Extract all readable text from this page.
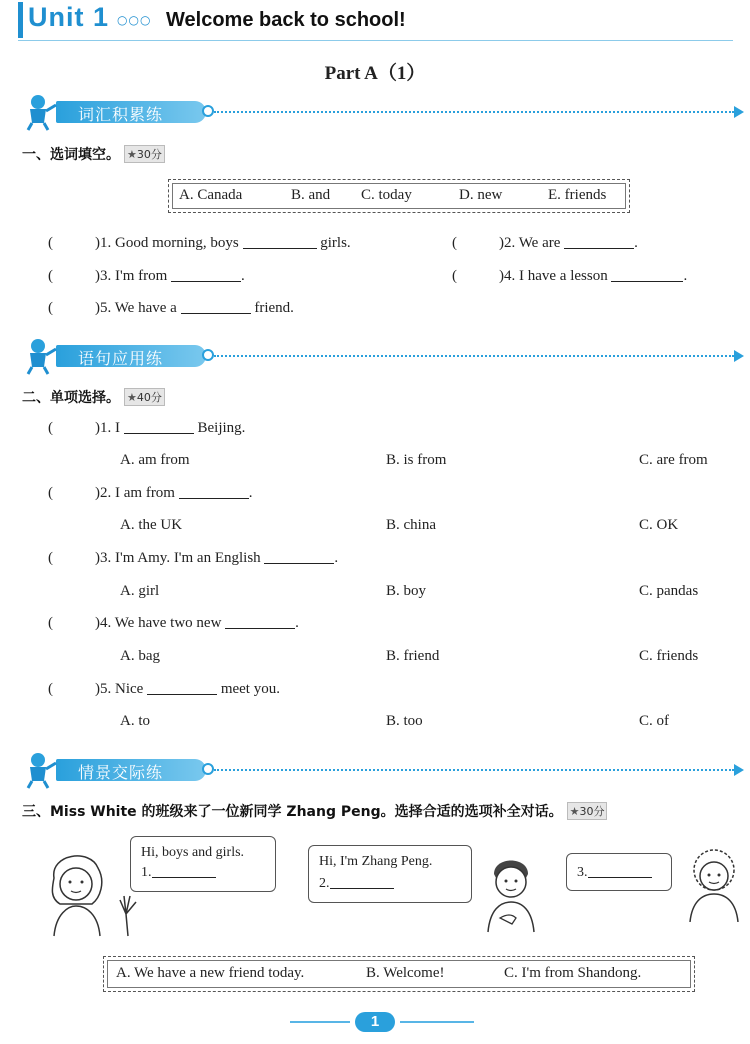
Unit 1 ○○○ Welcome back to school!
Part A（1）
词汇积累练
一、选词填空。 ★30分
A. Canada	B. and C. today	D. new	E. friends
(	)1. Good morning, boys	girls.	(	)2. We are	.
(	)3. I'm from	.	(	)4. I have a lesson	.
(	)5. We have a	friend.
语句应用练
二、单项选择。 ★40分
(	)1. I	Beijing.
A. am from	B. is from	C. are from
(	)2. I am from	.
A. the UK	B. china	C. OK
(	)3. I'm Amy. I'm an English	.
A. girl	B. boy	C. pandas
(	)4. We have two new	.
A. bag	B. friend	C. friends
(	)5. Nice	meet you.
A. to	B. too	C. of
情景交际练
三、Miss White 的班级来了一位新同学 Zhang Peng。选择合适的选项补全对话。 ★30分
Hi, boys and girls.
1.
Hi, I'm Zhang Peng.
2.
3.
A. We have a new friend today.	B. Welcome!	C. I'm from Shandong.
1
